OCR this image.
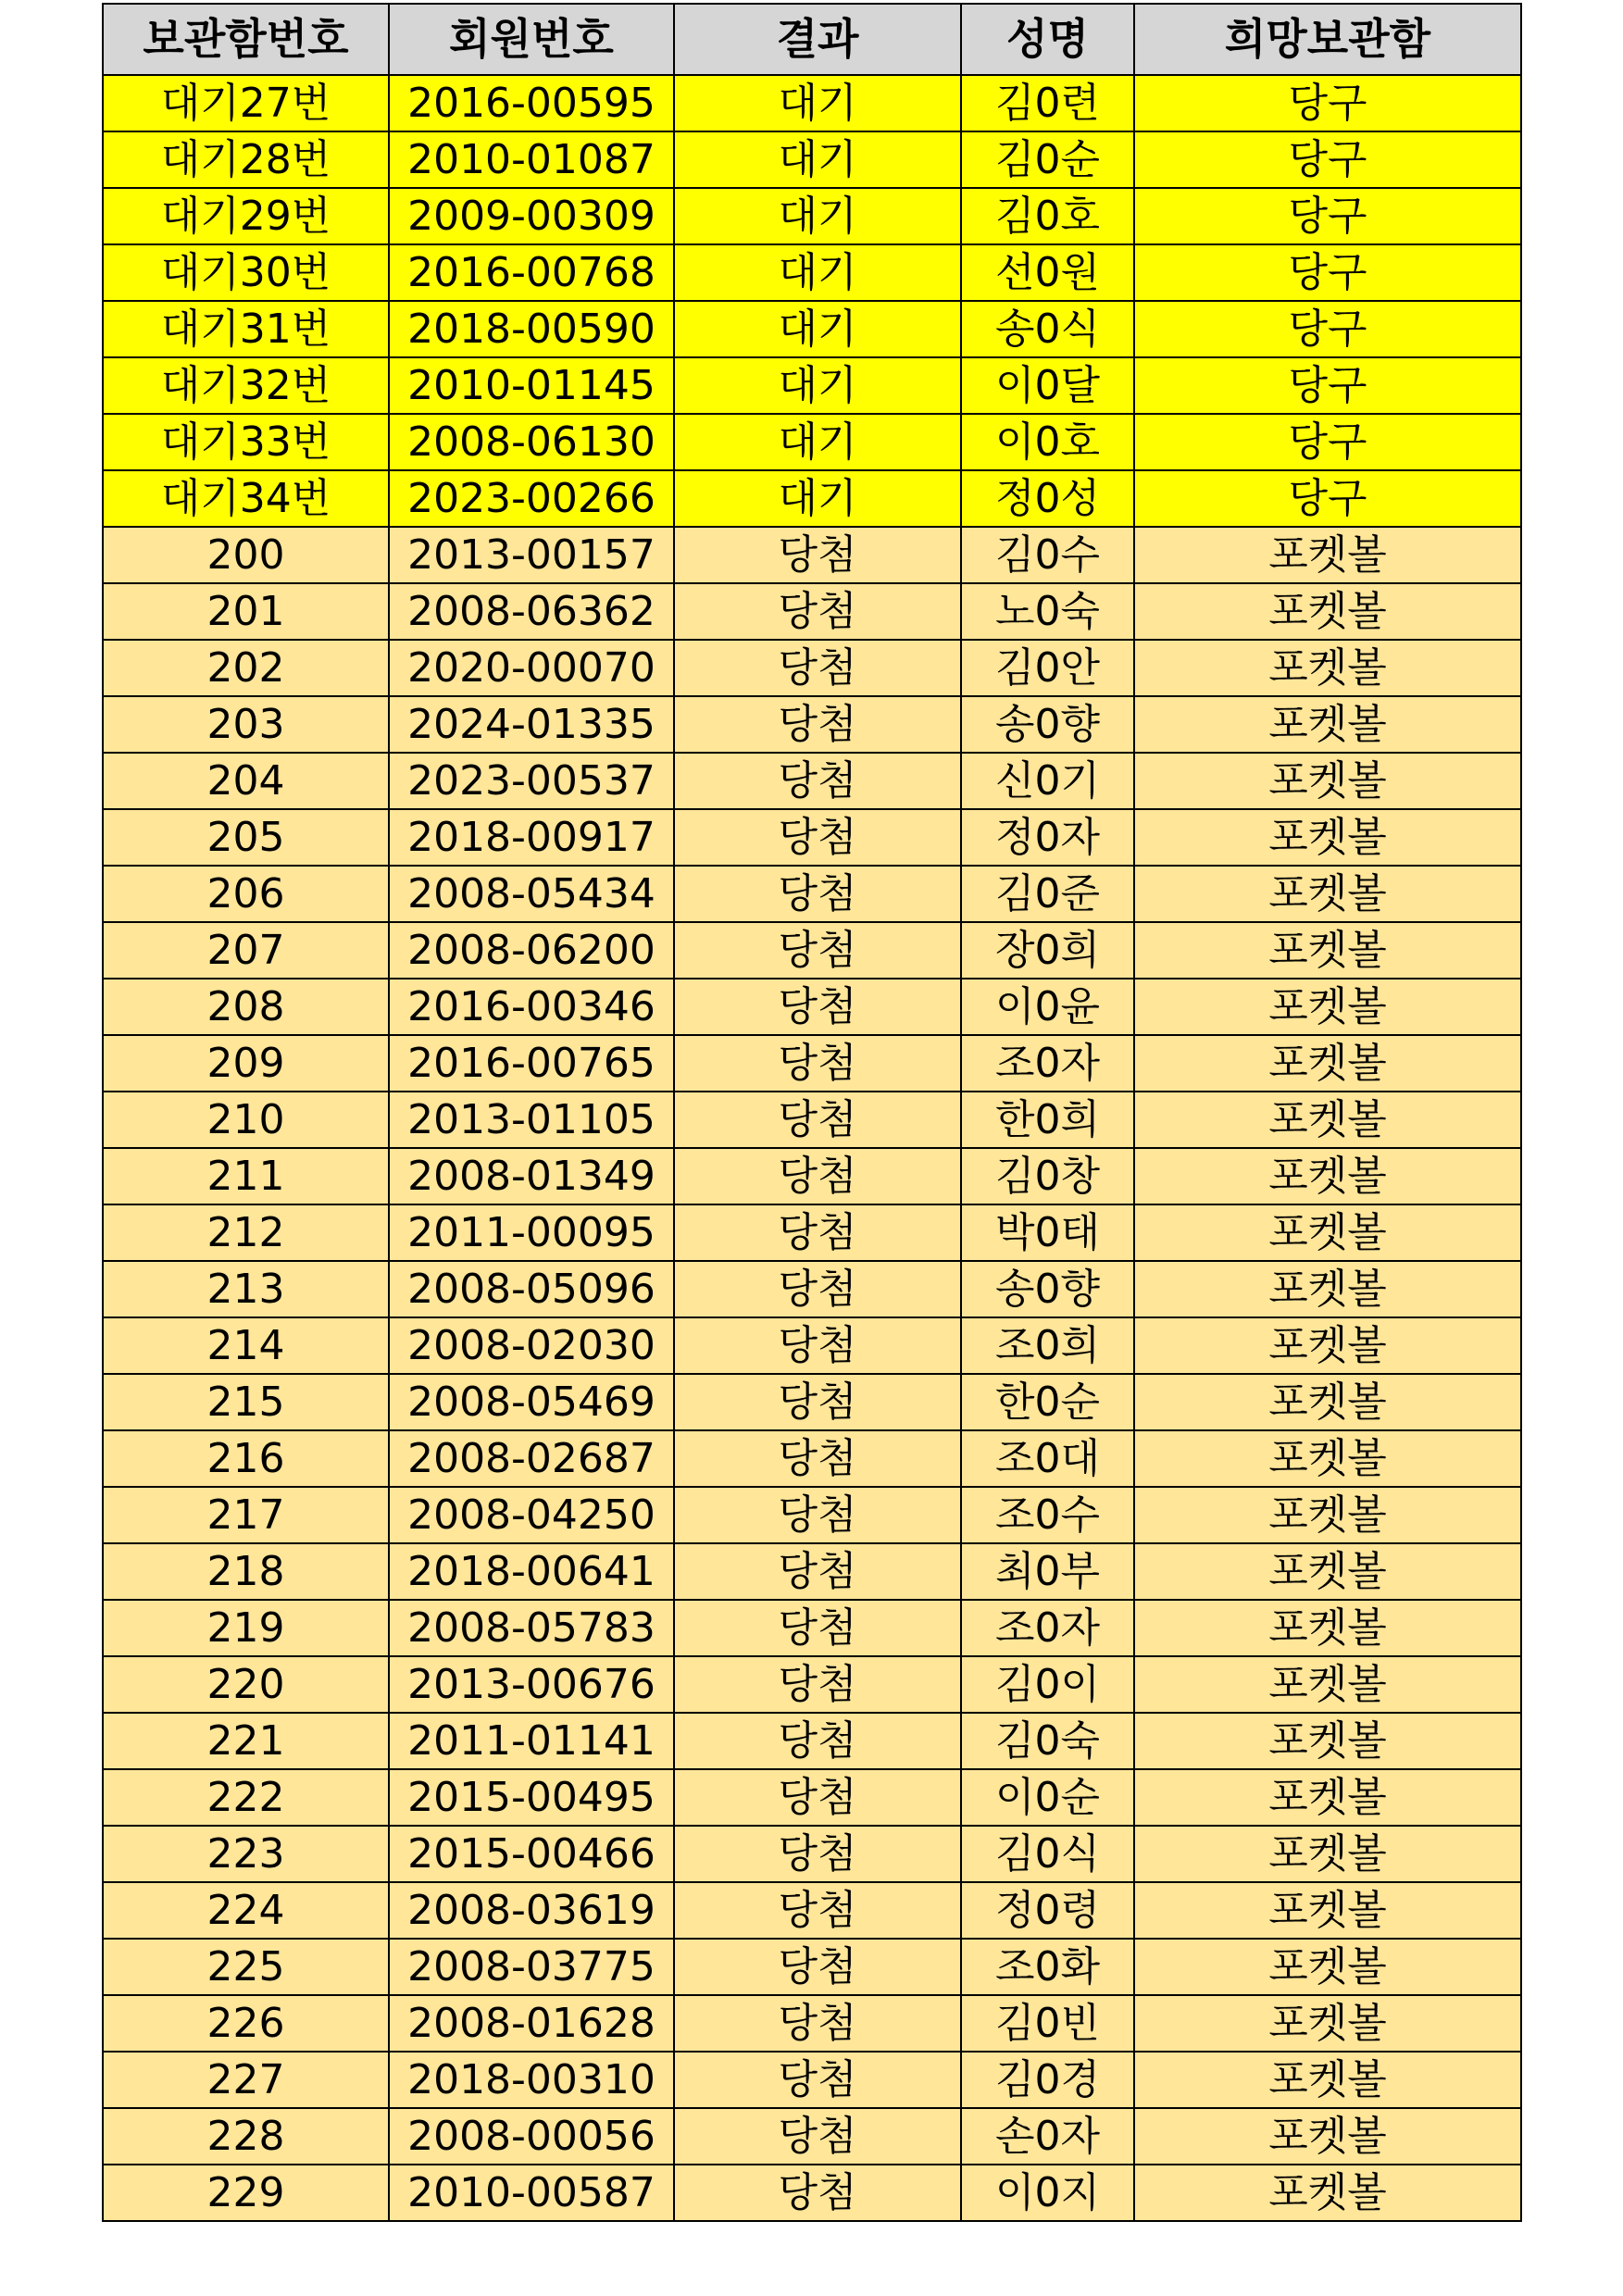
보관함번호	회원번호	결과	성명	희망보관함
대기27번	2016-00595	대기	김0련	당구
대기28번	2010-01087	대기	김0순	당구
대기29번	2009-00309	대기	김0호	당구
대기30번	2016-00768	대기	선0원	당구
대기31번	2018-00590	대기	송0식	당구
대기32번	2010-01145	대기	이0달	당구
대기33번	2008-06130	대기	이0호	당구
대기34번	2023-00266	대기	정0성	당구
200	2013-00157	당첨	김0수	포켓볼
201	2008-06362	당첨	노0숙	포켓볼
202	2020-00070	당첨	김0안	포켓볼
203	2024-01335	당첨	송0향	포켓볼
204	2023-00537	당첨	신0기	포켓볼
205	2018-00917	당첨	정0자	포켓볼
206	2008-05434	당첨	김0준	포켓볼
207	2008-06200	당첨	장0희	포켓볼
208	2016-00346	당첨	이0윤	포켓볼
209	2016-00765	당첨	조0자	포켓볼
210	2013-01105	당첨	한0희	포켓볼
211	2008-01349	당첨	김0창	포켓볼
212	2011-00095	당첨	박0태	포켓볼
213	2008-05096	당첨	송0향	포켓볼
214	2008-02030	당첨	조0희	포켓볼
215	2008-05469	당첨	한0순	포켓볼
216	2008-02687	당첨	조0대	포켓볼
217	2008-04250	당첨	조0수	포켓볼
218	2018-00641	당첨	최0부	포켓볼
219	2008-05783	당첨	조0자	포켓볼
220	2013-00676	당첨	김0이	포켓볼
221	2011-01141	당첨	김0숙	포켓볼
222	2015-00495	당첨	이0순	포켓볼
223	2015-00466	당첨	김0식	포켓볼
224	2008-03619	당첨	정0령	포켓볼
225	2008-03775	당첨	조0화	포켓볼
226	2008-01628	당첨	김0빈	포켓볼
227	2018-00310	당첨	김0경	포켓볼
228	2008-00056	당첨	손0자	포켓볼
229	2010-00587	당첨	이0지	포켓볼
